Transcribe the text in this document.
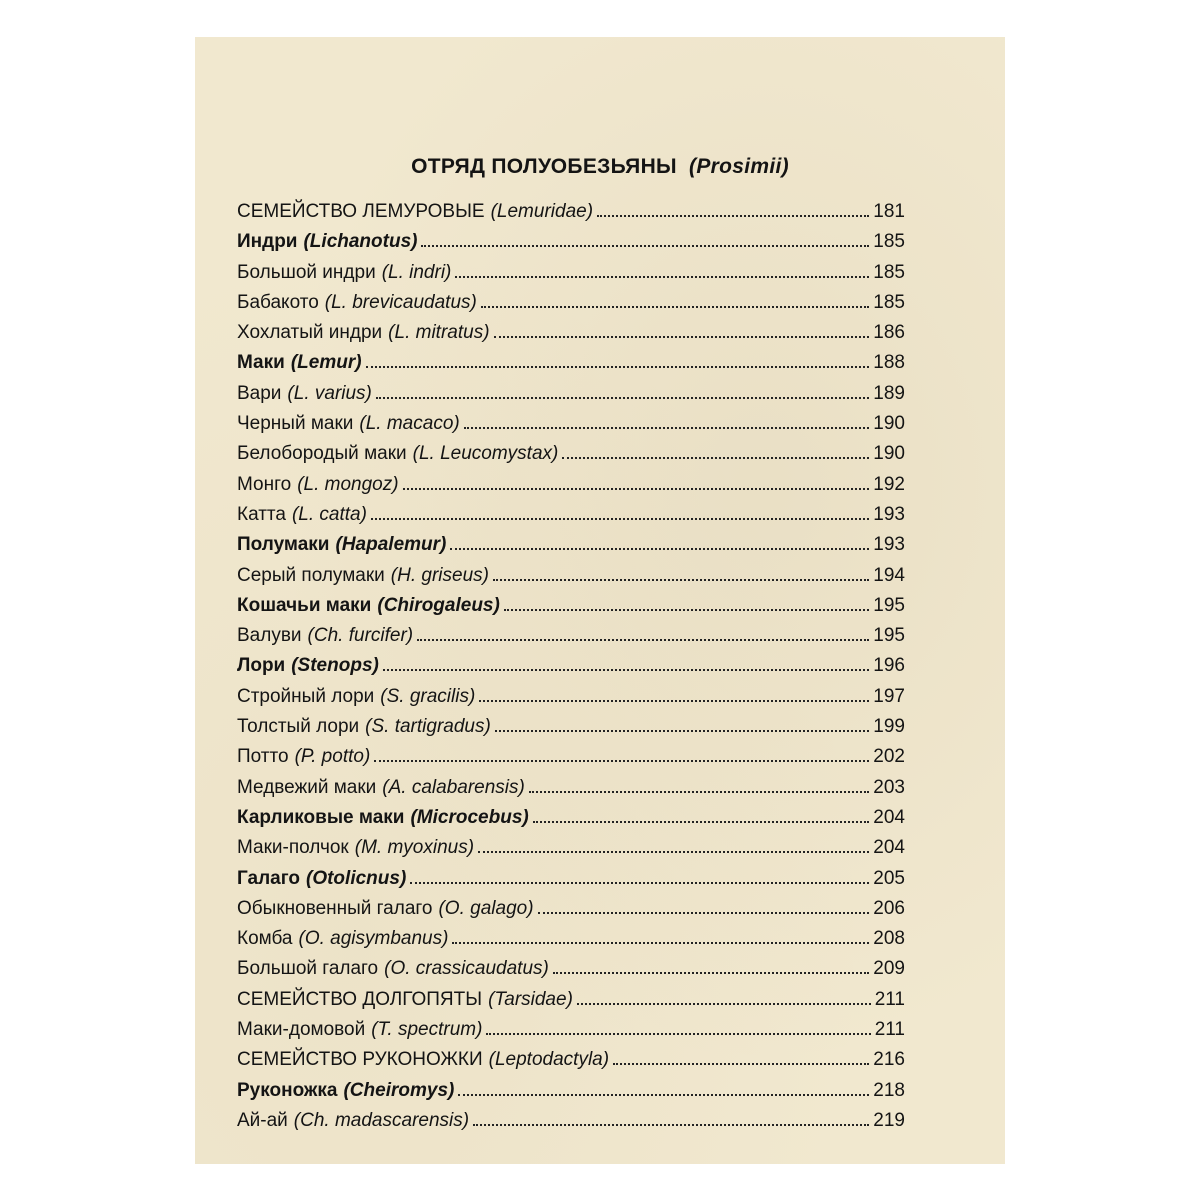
ОТРЯД ПОЛУОБЕЗЬЯНЫ (Prosimii)
СЕМЕЙСТВО ЛЕМУРОВЫЕ (Lemuridae)	181
Индри (Lichanotus)	185
Большой индри (L. indri)	185
Бабакото (L. brevicaudatus)	185
Хохлатый индри (L. mitratus)	186
Маки (Lemur)	188
Вари (L. varius)	189
Черный маки (L. macaco)	190
Белобородый маки (L. Leucomystax)	190
Монго (L. mongoz)	192
Катта (L. catta)	193
Полумаки (Hapalemur)	193
Серый полумаки (H. griseus)	194
Кошачьи маки (Chirogaleus)	195
Валуви (Ch. furcifer)	195
Лори (Stenops)	196
Стройный лори (S. gracilis)	197
Толстый лори (S. tartigradus)	199
Потто (P. potto)	202
Медвежий маки (A. calabarensis)	203
Карликовые маки (Microcebus)	204
Маки-полчок (M. myoxinus)	204
Галаго (Otolicnus)	205
Обыкновенный галаго (O. galago)	206
Комба (O. agisymbanus)	208
Большой галаго (O. crassicaudatus)	209
СЕМЕЙСТВО ДОЛГОПЯТЫ (Tarsidae)	211
Маки-домовой (T. spectrum)	211
СЕМЕЙСТВО РУКОНОЖКИ (Leptodactyla)	216
Руконожка (Cheiromys)	218
Ай-ай (Ch. madascarensis)	219
